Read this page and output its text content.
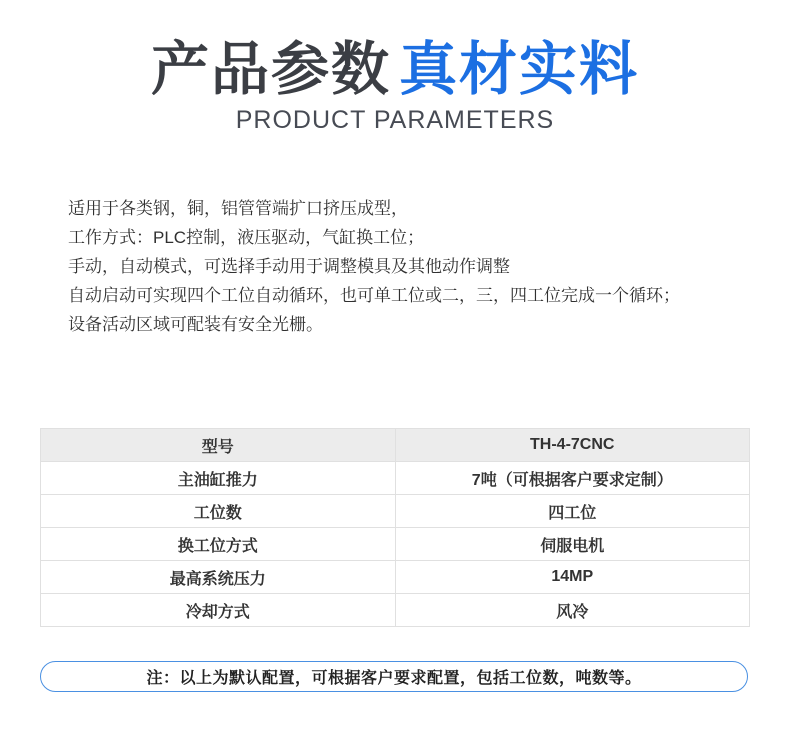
产品参数 真材实料
PRODUCT PARAMETERS
适用于各类钢，铜，铝管管端扩口挤压成型，
工作方式：PLC控制，液压驱动，气缸换工位；
手动，自动模式，可选择手动用于调整模具及其他动作调整
自动启动可实现四个工位自动循环，也可单工位或二，三，四工位完成一个循环；
设备活动区域可配装有安全光栅。
型号	TH-4-7CNC
主油缸推力	7吨（可根据客户要求定制）
工位数	四工位
换工位方式	伺服电机
最高系统压力	14MP
冷却方式	风冷
注：以上为默认配置，可根据客户要求配置，包括工位数，吨数等。
